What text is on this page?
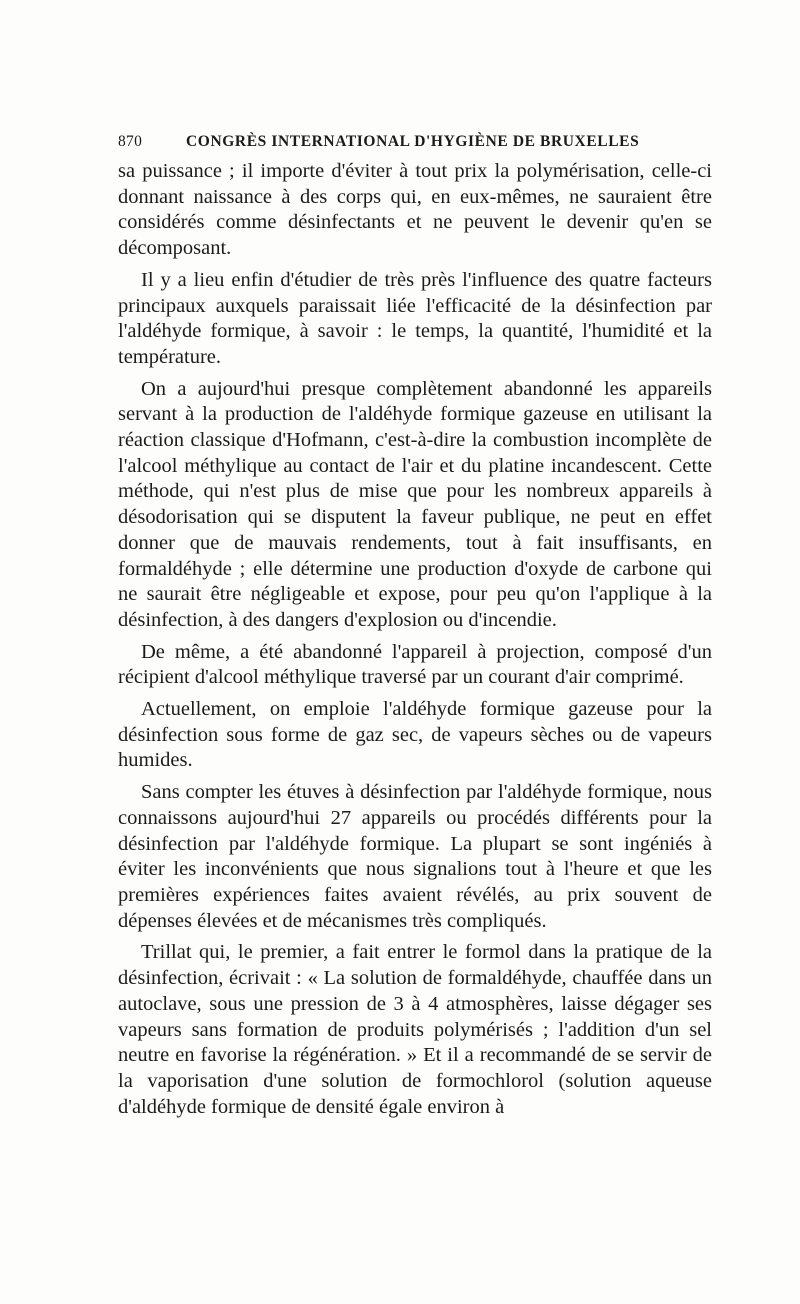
870	CONGRÈS INTERNATIONAL D'HYGIÈNE DE BRUXELLES

sa puissance ; il importe d'éviter à tout prix la polymérisation, celle-ci donnant naissance à des corps qui, en eux-mêmes, ne sauraient être considérés comme désinfectants et ne peuvent le devenir qu'en se décomposant.

Il y a lieu enfin d'étudier de très près l'influence des quatre facteurs principaux auxquels paraissait liée l'efficacité de la désinfection par l'aldéhyde formique, à savoir : le temps, la quantité, l'humidité et la température.

On a aujourd'hui presque complètement abandonné les appareils servant à la production de l'aldéhyde formique gazeuse en utilisant la réaction classique d'Hofmann, c'est-à-dire la combustion incomplète de l'alcool méthylique au contact de l'air et du platine incandescent. Cette méthode, qui n'est plus de mise que pour les nombreux appareils à désodorisation qui se disputent la faveur publique, ne peut en effet donner que de mauvais rendements, tout à fait insuffisants, en formaldéhyde ; elle détermine une production d'oxyde de carbone qui ne saurait être négligeable et expose, pour peu qu'on l'applique à la désinfection, à des dangers d'explosion ou d'incendie.

De même, a été abandonné l'appareil à projection, composé d'un récipient d'alcool méthylique traversé par un courant d'air comprimé.

Actuellement, on emploie l'aldéhyde formique gazeuse pour la désinfection sous forme de gaz sec, de vapeurs sèches ou de vapeurs humides.

Sans compter les étuves à désinfection par l'aldéhyde formique, nous connaissons aujourd'hui 27 appareils ou procédés différents pour la désinfection par l'aldéhyde formique. La plupart se sont ingéniés à éviter les inconvénients que nous signalions tout à l'heure et que les premières expériences faites avaient révélés, au prix souvent de dépenses élevées et de mécanismes très compliqués.

Trillat qui, le premier, a fait entrer le formol dans la pratique de la désinfection, écrivait : « La solution de formaldéhyde, chauffée dans un autoclave, sous une pression de 3 à 4 atmosphères, laisse dégager ses vapeurs sans formation de produits polymérisés ; l'addition d'un sel neutre en favorise la régénération. » Et il a recommandé de se servir de la vaporisation d'une solution de formochlorol (solution aqueuse d'aldéhyde formique de densité égale environ à
